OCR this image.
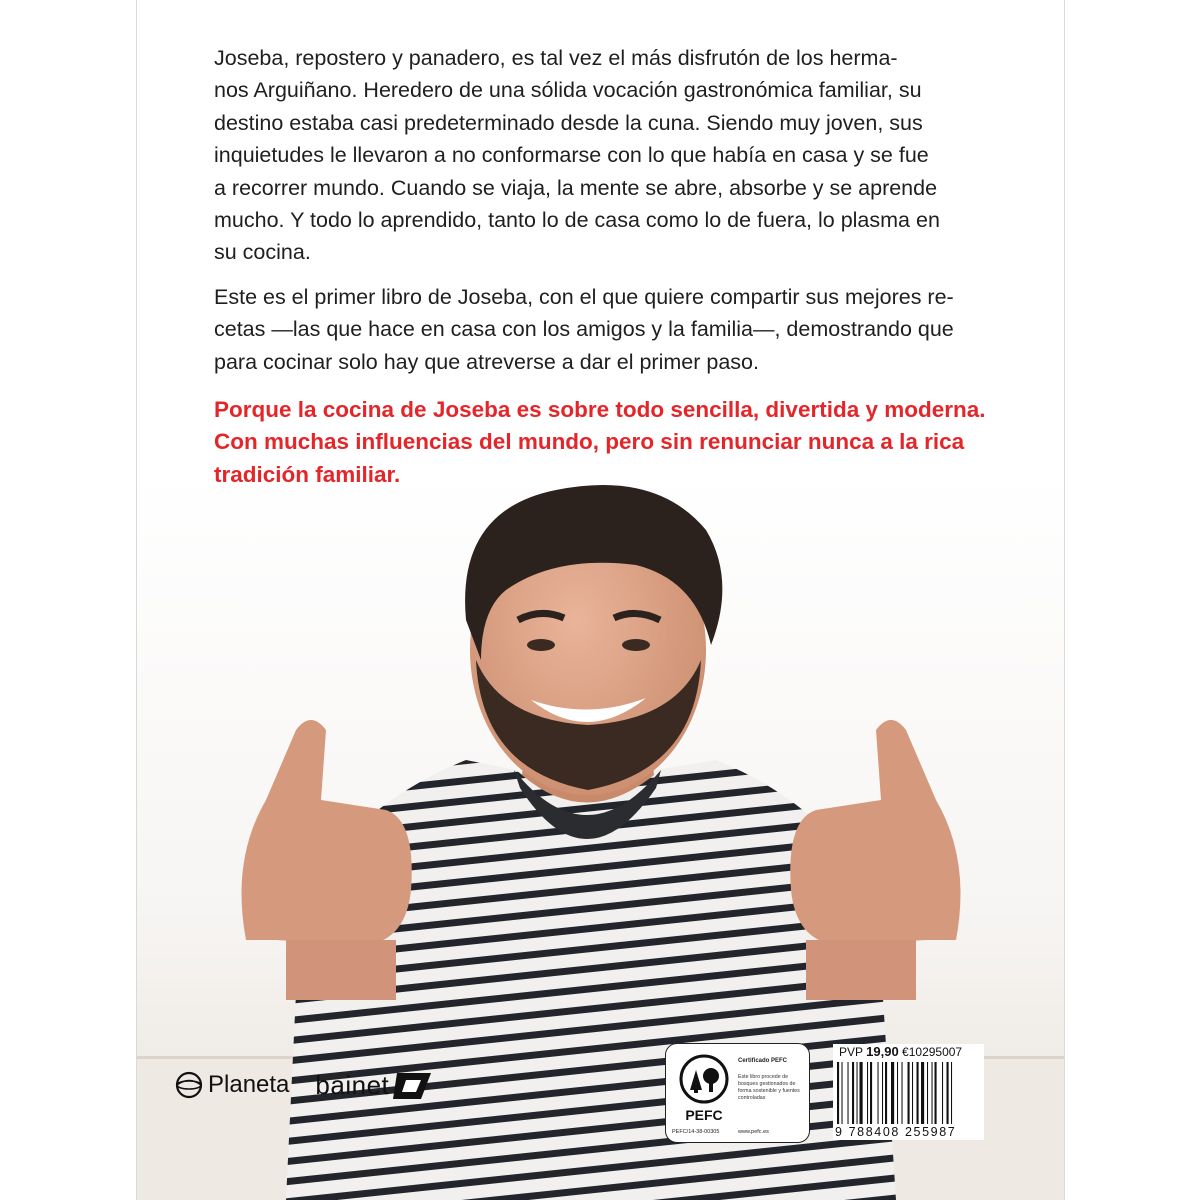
Joseba, repostero y panadero, es tal vez el más disfrutón de los herma-
nos Arguiñano. Heredero de una sólida vocación gastronómica familiar, su
destino estaba casi predeterminado desde la cuna. Siendo muy joven, sus
inquietudes le llevaron a no conformarse con lo que había en casa y se fue
a recorrer mundo. Cuando se viaja, la mente se abre, absorbe y se aprende
mucho. Y todo lo aprendido, tanto lo de casa como lo de fuera, lo plasma en
su cocina.

Este es el primer libro de Joseba, con el que quiere compartir sus mejores re-
cetas —las que hace en casa con los amigos y la familia—, demostrando que
para cocinar solo hay que atreverse a dar el primer paso.

Porque la cocina de Joseba es sobre todo sencilla, divertida y moderna.
Con muchas influencias del mundo, pero sin renunciar nunca a la rica
tradición familiar.

Planeta bainet
PEFC
PEFC/14-38-00305
Certificado PEFC
Este libro procede de bosques gestionados de forma sostenible y fuentes controladas
www.pefc.es
PVP 19,90 €10295007
9 788408 255987
